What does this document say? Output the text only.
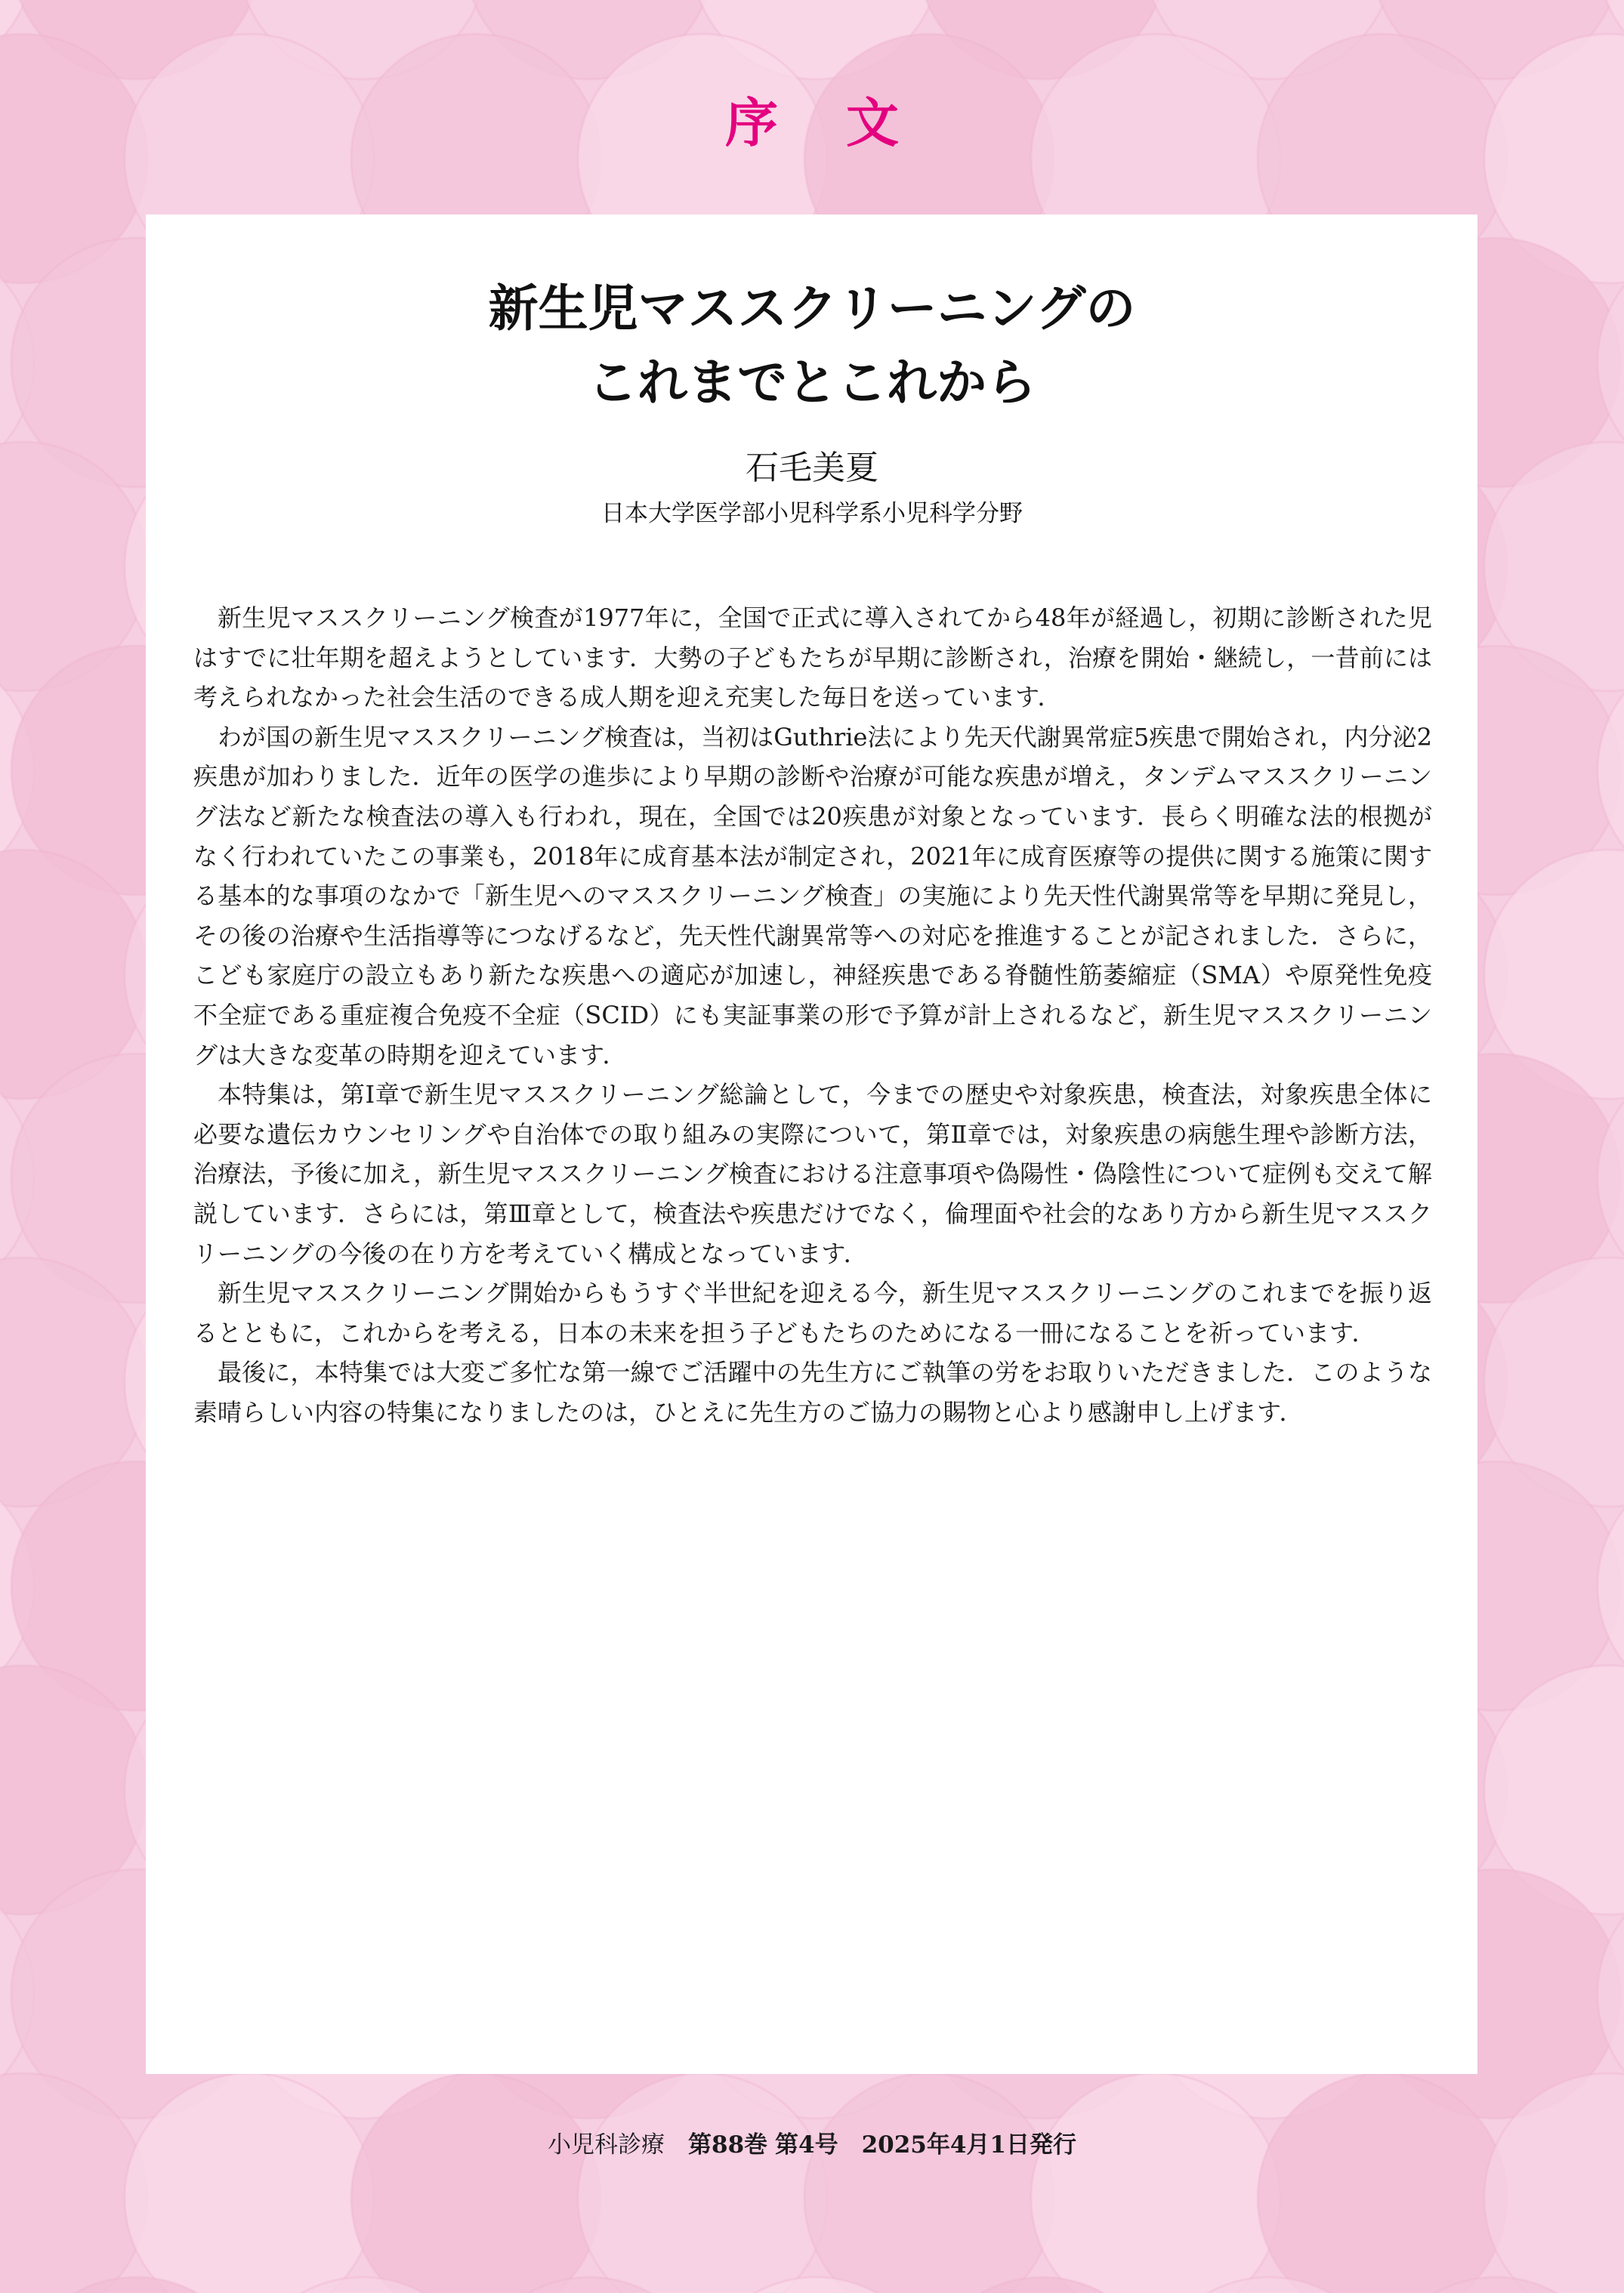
序文
新生児マススクリーニングの
これまでとこれから
石毛美夏
日本大学医学部小児科学系小児科学分野

新生児マススクリーニング検査が1977年に，全国で正式に導入されてから48年が経過し，初期に診断された児はすでに壮年期を超えようとしています．大勢の子どもたちが早期に診断され，治療を開始・継続し，一昔前には考えられなかった社会生活のできる成人期を迎え充実した毎日を送っています．

わが国の新生児マススクリーニング検査は，当初はGuthrie法により先天代謝異常症5疾患で開始され，内分泌2疾患が加わりました．近年の医学の進歩により早期の診断や治療が可能な疾患が増え，タンデムマススクリーニング法など新たな検査法の導入も行われ，現在，全国では20疾患が対象となっています．長らく明確な法的根拠がなく行われていたこの事業も，2018年に成育基本法が制定され，2021年に成育医療等の提供に関する施策に関する基本的な事項のなかで「新生児へのマススクリーニング検査」の実施により先天性代謝異常等を早期に発見し，その後の治療や生活指導等につなげるなど，先天性代謝異常等への対応を推進することが記されました．さらに，こども家庭庁の設立もあり新たな疾患への適応が加速し，神経疾患である脊髄性筋萎縮症（SMA）や原発性免疫不全症である重症複合免疫不全症（SCID）にも実証事業の形で予算が計上されるなど，新生児マススクリーニングは大きな変革の時期を迎えています．

本特集は，第Ⅰ章で新生児マススクリーニング総論として，今までの歴史や対象疾患，検査法，対象疾患全体に必要な遺伝カウンセリングや自治体での取り組みの実際について，第Ⅱ章では，対象疾患の病態生理や診断方法，治療法，予後に加え，新生児マススクリーニング検査における注意事項や偽陽性・偽陰性について症例も交えて解説しています．さらには，第Ⅲ章として，検査法や疾患だけでなく，倫理面や社会的なあり方から新生児マススクリーニングの今後の在り方を考えていく構成となっています．

新生児マススクリーニング開始からもうすぐ半世紀を迎える今，新生児マススクリーニングのこれまでを振り返るとともに，これからを考える，日本の未来を担う子どもたちのためになる一冊になることを祈っています．

最後に，本特集では大変ご多忙な第一線でご活躍中の先生方にご執筆の労をお取りいただきました．このような素晴らしい内容の特集になりましたのは，ひとえに先生方のご協力の賜物と心より感謝申し上げます．

小児科診療　 第88巻 第4号　 2025年4月1日発行
